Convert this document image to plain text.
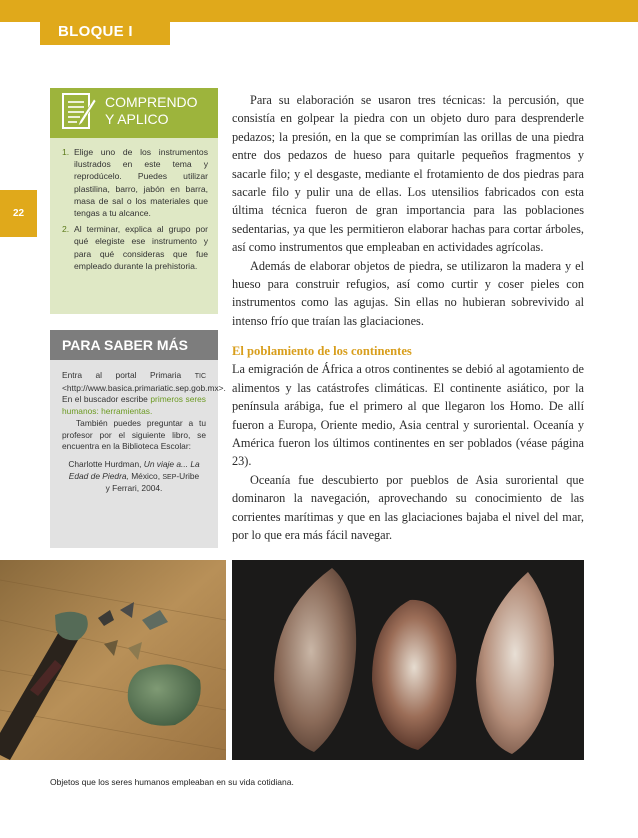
BLOQUE I
22
COMPRENDO
Y APLICO
1. Elige uno de los instrumentos ilustrados en este tema y reprodúcelo. Puedes utilizar plastilina, barro, jabón en barra, masa de sal o los materiales que tengas a tu alcance.
2. Al terminar, explica al grupo por qué elegiste ese instrumento y para qué consideras que fue empleado durante la prehistoria.
PARA SABER MÁS

Entra al portal Primaria TIC <http://www.basica.primariatic.sep.gob.mx>. En el buscador escribe primeros seres humanos: herramientas.

También puedes preguntar a tu profesor por el siguiente libro, se encuentra en la Biblioteca Escolar:

Charlotte Hurdman, Un viaje a... La Edad de Piedra, México, SEP-Uribe y Ferrari, 2004.

Para su elaboración se usaron tres técnicas: la percusión, que consistía en golpear la piedra con un objeto duro para desprenderle pedazos; la presión, en la que se comprimían las orillas de una piedra entre dos pedazos de hueso para quitarle pequeños fragmentos y sacarle filo; y el desgaste, mediante el frotamiento de dos piedras para sacarle filo y pulir una de ellas. Los utensilios fabricados con esta última técnica fueron de gran importancia para las poblaciones sedentarias, ya que les permitieron elaborar hachas para cortar árboles, así como instrumentos que empleaban en actividades agrícolas.

Además de elaborar objetos de piedra, se utilizaron la madera y el hueso para construir refugios, así como curtir y coser pieles con instrumentos como las agujas. Sin ellas no hubieran sobrevivido al intenso frío que traían las glaciaciones.

El poblamiento de los continentes

La emigración de África a otros continentes se debió al agotamiento de alimentos y las catástrofes climáticas. El continente asiático, por la península arábiga, fue el primero al que llegaron los Homo. De allí fueron a Europa, Oriente medio, Asia central y suroriental. Oceanía y América fueron los últimos continentes en ser poblados (véase página 23).

Oceanía fue descubierto por pueblos de Asia suroriental que dominaron la navegación, aprovechando su conocimiento de las corrientes marítimas y que en las glaciaciones bajaba el nivel del mar, por lo que era más fácil navegar.

Objetos que los seres humanos empleaban en su vida cotidiana.
